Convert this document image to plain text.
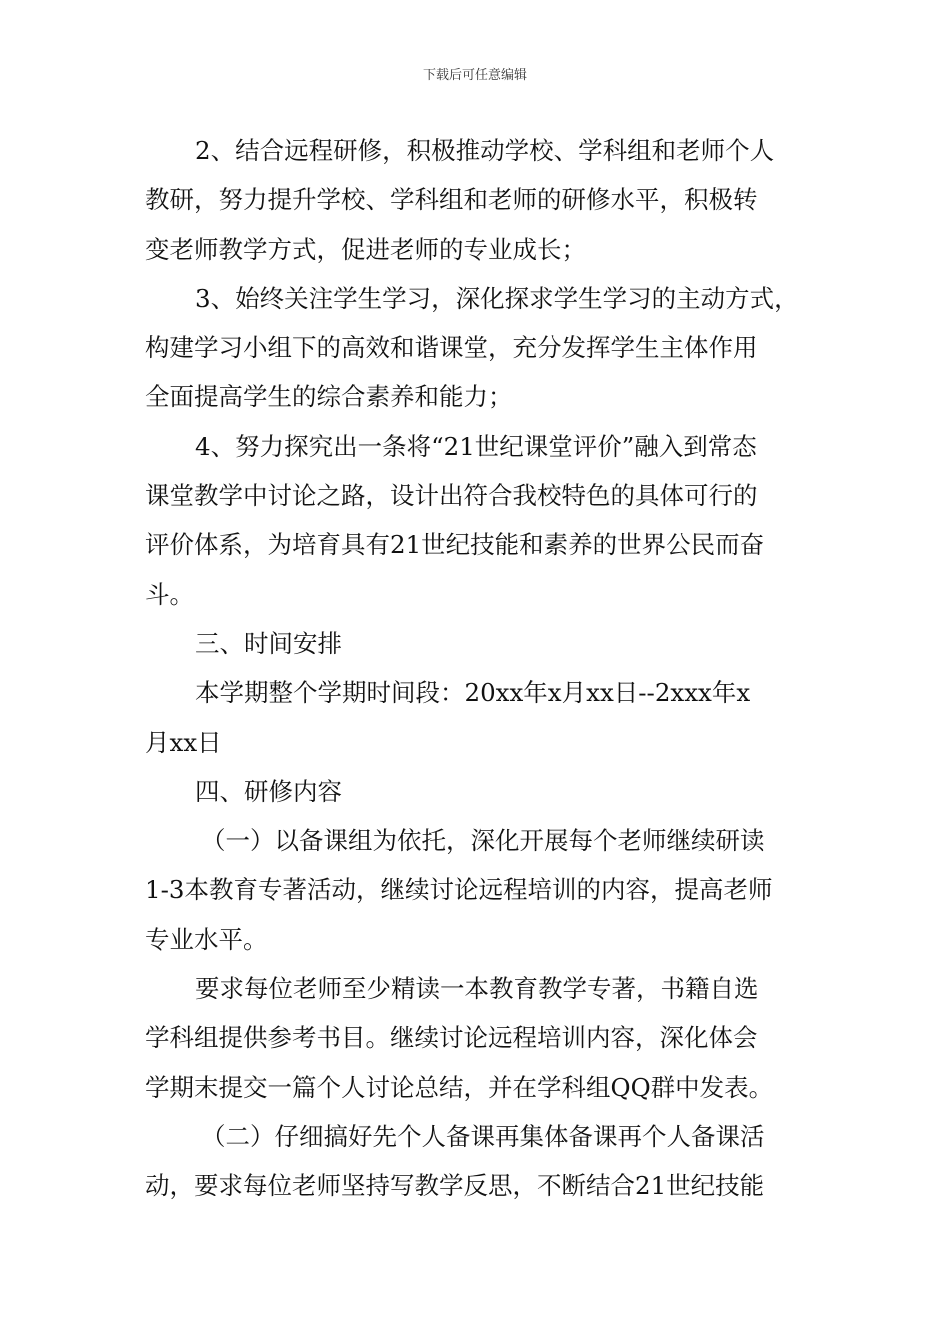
下载后可任意编辑
2、结合远程研修，积极推动学校、学科组和老师个人
教研，努力提升学校、学科组和老师的研修水平，积极转
变老师教学方式，促进老师的专业成长；
3、始终关注学生学习，深化探求学生学习的主动方式，
构建学习小组下的高效和谐课堂，充分发挥学生主体作用
全面提高学生的综合素养和能力；
4、努力探究出一条将“21世纪课堂评价”融入到常态
课堂教学中讨论之路，设计出符合我校特色的具体可行的
评价体系，为培育具有21世纪技能和素养的世界公民而奋
斗。
三、时间安排
本学期整个学期时间段：20xx年x月xx日--2xxx年x
月xx日
四、研修内容
（一）以备课组为依托，深化开展每个老师继续研读
1-3本教育专著活动，继续讨论远程培训的内容，提高老师
专业水平。
要求每位老师至少精读一本教育教学专著，书籍自选
学科组提供参考书目。继续讨论远程培训内容，深化体会
学期末提交一篇个人讨论总结，并在学科组QQ群中发表。
（二）仔细搞好先个人备课再集体备课再个人备课活
动，要求每位老师坚持写教学反思，不断结合21世纪技能
